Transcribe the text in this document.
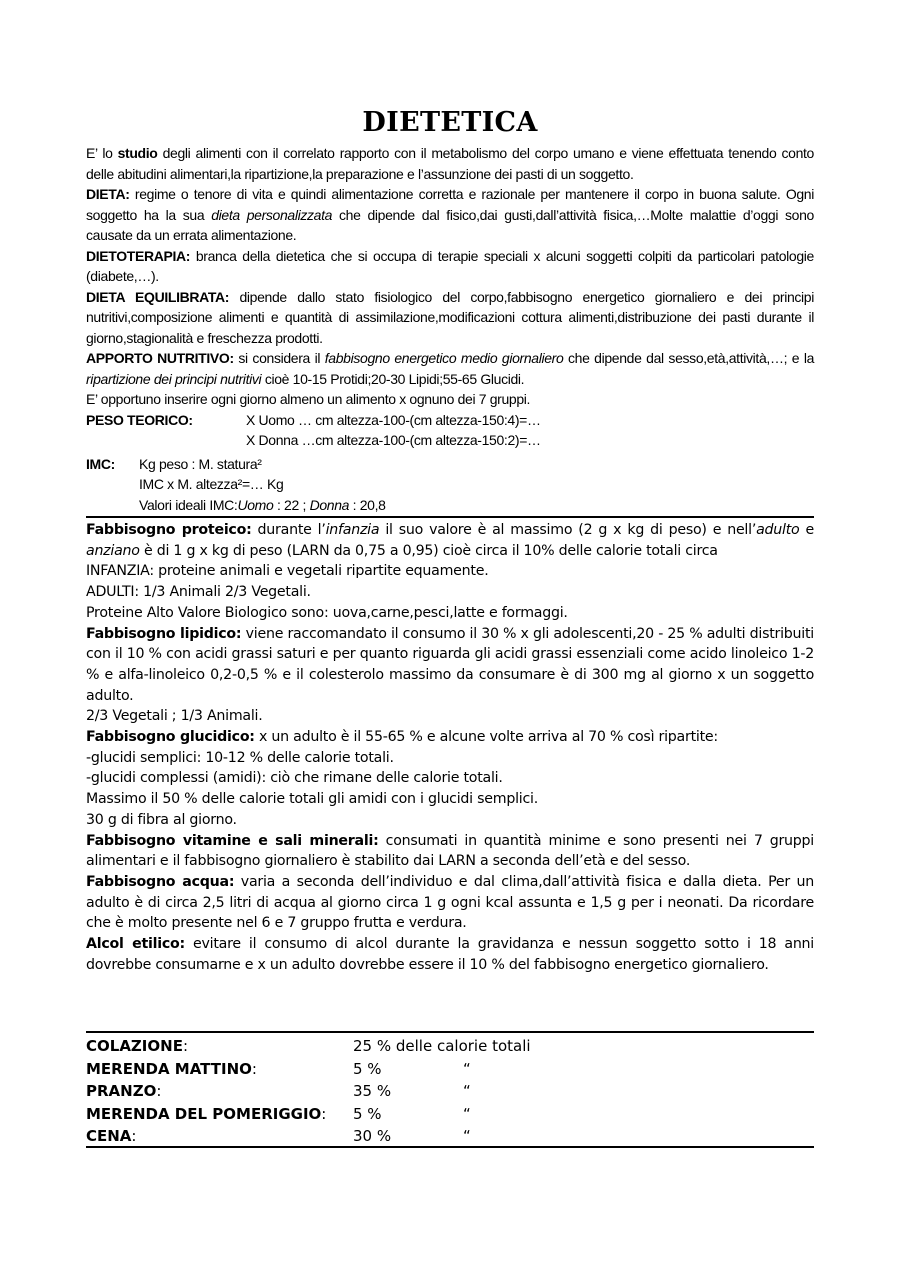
DIETETICA

E’ lo studio degli alimenti con il correlato rapporto con il metabolismo del corpo umano e viene effettuata tenendo conto delle abitudini alimentari,la ripartizione,la preparazione e l’assunzione dei pasti di un soggetto.

DIETA: regime o tenore di vita e quindi alimentazione corretta e razionale per mantenere il corpo in buona salute. Ogni soggetto ha la sua dieta personalizzata che dipende dal fisico,dai gusti,dall’attività fisica,…Molte malattie d’oggi sono causate da un errata alimentazione.

DIETOTERAPIA: branca della dietetica che si occupa di terapie speciali x alcuni soggetti colpiti da particolari patologie (diabete,…).

DIETA EQUILIBRATA: dipende dallo stato fisiologico del corpo,fabbisogno energetico giornaliero e dei principi nutritivi,composizione alimenti e quantità di assimilazione,modificazioni cottura alimenti,distribuzione dei pasti durante il giorno,stagionalità e freschezza prodotti.

APPORTO NUTRITIVO: si considera il fabbisogno energetico medio giornaliero che dipende dal sesso,età,attività,…; e la ripartizione dei principi nutritivi cioè 10-15 Protidi;20-30 Lipidi;55-65 Glucidi.

E’ opportuno inserire ogni giorno almeno un alimento x ognuno dei 7 gruppi.

PESO TEORICO:	X Uomo … cm altezza-100-(cm altezza-150:4)=…
X Donna …cm altezza-100-(cm altezza-150:2)=…
IMC:	Kg peso : M. statura²
IMC x M. altezza²=… Kg
Valori ideali IMC:Uomo : 22 ; Donna : 20,8

Fabbisogno proteico: durante l’infanzia il suo valore è al massimo (2 g x kg di peso) e nell’adulto e anziano è di 1 g x kg di peso (LARN da 0,75 a 0,95) cioè circa il 10% delle calorie totali circa

INFANZIA: proteine animali e vegetali ripartite equamente.

ADULTI: 1/3 Animali 2/3 Vegetali.

Proteine Alto Valore Biologico sono: uova,carne,pesci,latte e formaggi.

Fabbisogno lipidico: viene raccomandato il consumo il 30 % x gli adolescenti,20 - 25 % adulti distribuiti con il 10 % con acidi grassi saturi e per quanto riguarda gli acidi grassi essenziali come acido linoleico 1-2 % e alfa-linoleico 0,2-0,5 % e il colesterolo massimo da consumare è di 300 mg al giorno x un soggetto adulto.

2/3 Vegetali ; 1/3 Animali.

Fabbisogno glucidico: x un adulto è il 55-65 % e alcune volte arriva al 70 % così ripartite:

-glucidi semplici: 10-12 % delle calorie totali.

-glucidi complessi (amidi): ciò che rimane delle calorie totali.

Massimo il 50 % delle calorie totali gli amidi con i glucidi semplici.

30 g di fibra al giorno.

Fabbisogno vitamine e sali minerali: consumati in quantità minime e sono presenti nei 7 gruppi alimentari e il fabbisogno giornaliero è stabilito dai LARN a seconda dell’età e del sesso.

Fabbisogno acqua: varia a seconda dell’individuo e dal clima,dall’attività fisica e dalla dieta. Per un adulto è di circa 2,5 litri di acqua al giorno circa 1 g ogni kcal assunta e 1,5 g per i neonati. Da ricordare che è molto presente nel 6 e 7 gruppo frutta e verdura.

Alcol etilico: evitare il consumo di alcol durante la gravidanza e nessun soggetto sotto i 18 anni dovrebbe consumarne e x un adulto dovrebbe essere il 10 % del fabbisogno energetico giornaliero.

COLAZIONE:	25 % delle calorie totali
MERENDA MATTINO:	5 %	“
PRANZO:	35 %	“
MERENDA DEL POMERIGGIO:	5 %	“
CENA:	30 %	“
